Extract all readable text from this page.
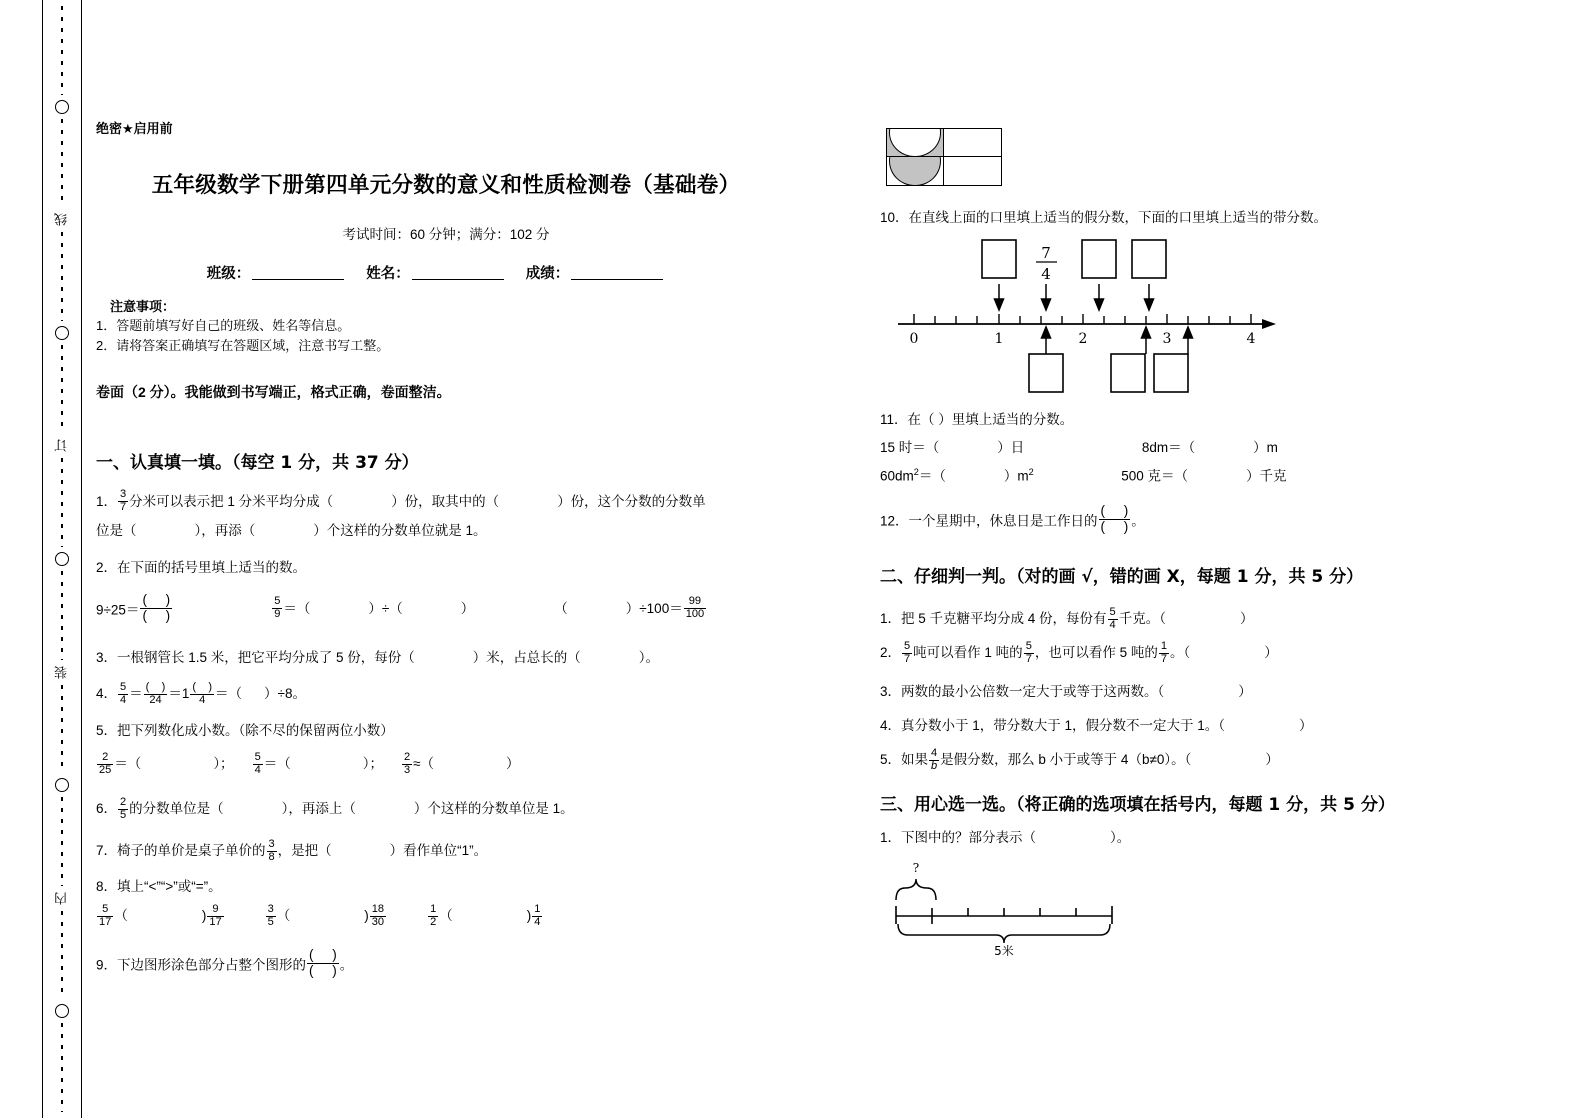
线
订
装
内
绝密★启用前
五年级数学下册第四单元分数的意义和性质检测卷（基础卷）
考试时间：60 分钟；满分：102 分
班级：	姓名：	成绩：
注意事项：
1．答题前填写好自己的班级、姓名等信息。
2．请将答案正确填写在答题区域，注意书写工整。
卷面（2 分）。我能做到书写端正，格式正确，卷面整洁。
一、认真填一填。（每空 1 分，共 37 分）
1． $\frac{3}{7}$ 分米可以表示把 1 分米平均分成（	）份，取其中的（	）份，这个分数的分数单
位是（	），再添（	）个这样的分数单位就是 1。
2．在下面的括号里填上适当的数。
$9\div 25= \frac{( )}{( )}$	$\frac{5}{9}$ ＝（	）÷（	）	（	）$\div 100= \frac{99}{100}$
3．一根钢管长 1.5 米，把它平均分成了 5 份，每份（	）米，占总长的（	）。
4． $\frac{5}{4} = \frac{( )}{24} =1 \frac{( )}{4}$ ＝（ ）÷8。
5．把下列数化成小数。（除不尽的保留两位小数）
$\frac{2}{25}$ ＝（	）； $\frac{5}{4}$ ＝（	）； $\frac{2}{3}$ ≈（	）
6． $\frac{2}{5}$ 的分数单位是（	），再添上（	）个这样的分数单位是 1。
7．椅子的单价是桌子单价的 $\frac{3}{8}$ ，是把（	）看作单位“1”。
8．填上“<”“>”或“=”。
$\frac{5}{17}$ （	) $\frac{9}{17}$	$\frac{3}{5}$ （	) $\frac{18}{30}$	$\frac{1}{2}$ （	) $\frac{1}{4}$
9．下边图形涂色部分占整个图形的 $\frac{( )}{( )}$ 。
10．在直线上面的口里填上适当的假分数，下面的口里填上适当的带分数。
7
4
0	1	2	3	4
11．在（ ）里填上适当的分数。
15 时＝（	）日	8dm＝（	）m
$60dm^2=$（	）$m^2$	500 克＝（	）千克
12．一个星期中，休息日是工作日的 $\frac{( )}{( )}$ 。
二、仔细判一判。（对的画 √，错的画 X，每题 1 分，共 5 分）
1．把 5 千克糖平均分成 4 份，每份有 $\frac{5}{4}$ 千克。（	）
2． $\frac{5}{7}$ 吨可以看作 1 吨的 $\frac{5}{7}$ ，也可以看作 5 吨的 $\frac{1}{7}$ 。（	）
3．两数的最小公倍数一定大于或等于这两数。（	）
4．真分数小于 1，带分数大于 1，假分数不一定大于 1。（	）
5．如果 $\frac{4}{b}$ 是假分数，那么 b 小于或等于 4（b≠0）。（	）
三、用心选一选。（将正确的选项填在括号内，每题 1 分，共 5 分）
1．下图中的？部分表示（	）。
?
5米
